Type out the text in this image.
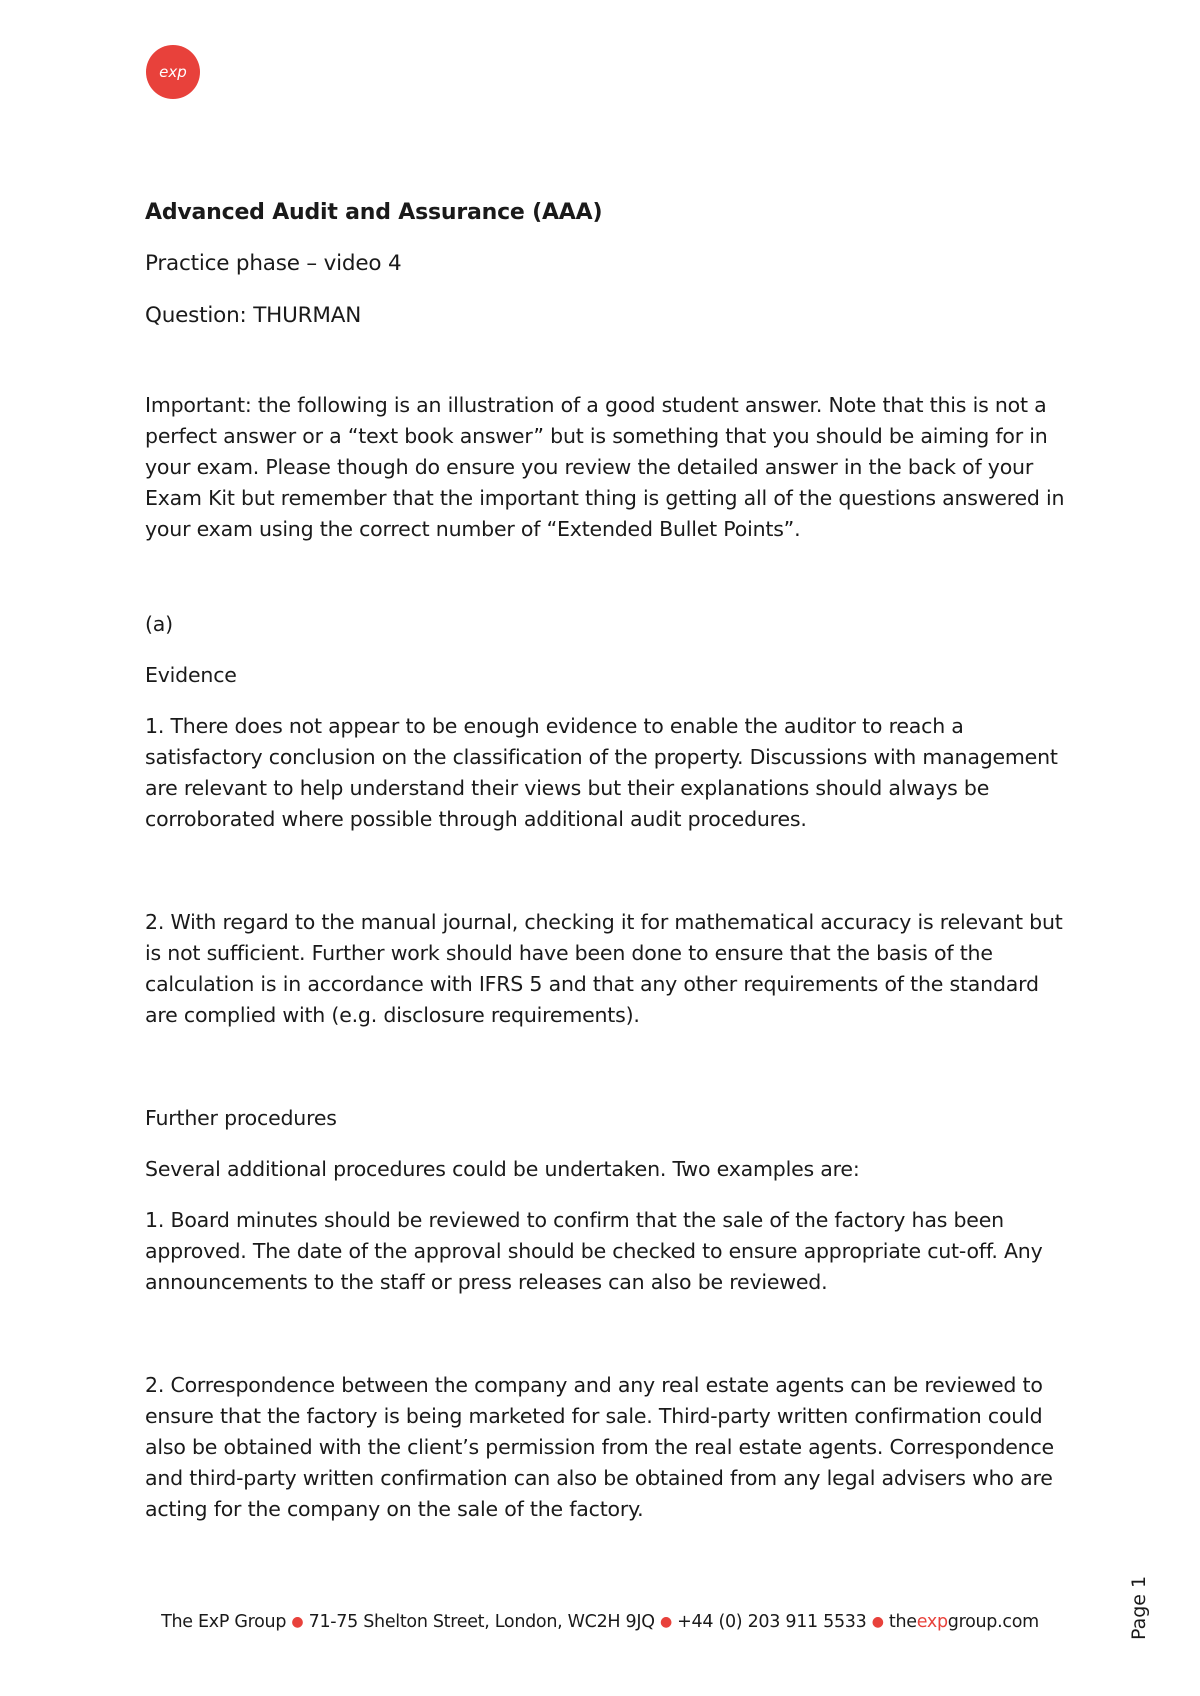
exp

Advanced Audit and Assurance (AAA)

Practice phase – video 4

Question: THURMAN

Important: the following is an illustration of a good student answer. Note that this is not a perfect answer or a “text book answer” but is something that you should be aiming for in your exam. Please though do ensure you review the detailed answer in the back of your Exam Kit but remember that the important thing is getting all of the questions answered in your exam using the correct number of “Extended Bullet Points”.

(a)

Evidence

1. There does not appear to be enough evidence to enable the auditor to reach a satisfactory conclusion on the classification of the property. Discussions with management are relevant to help understand their views but their explanations should always be corroborated where possible through additional audit procedures.

2. With regard to the manual journal, checking it for mathematical accuracy is relevant but is not sufficient. Further work should have been done to ensure that the basis of the calculation is in accordance with IFRS 5 and that any other requirements of the standard are complied with (e.g. disclosure requirements).

Further procedures

Several additional procedures could be undertaken. Two examples are:

1. Board minutes should be reviewed to confirm that the sale of the factory has been approved. The date of the approval should be checked to ensure appropriate cut-off. Any announcements to the staff or press releases can also be reviewed.

2. Correspondence between the company and any real estate agents can be reviewed to ensure that the factory is being marketed for sale. Third-party written confirmation could also be obtained with the client’s permission from the real estate agents. Correspondence and third-party written confirmation can also be obtained from any legal advisers who are acting for the company on the sale of the factory.

The ExP Group ● 71-75 Shelton Street, London, WC2H 9JQ ● +44 (0) 203 911 5533 ● theexpgroup.com	Page 1
